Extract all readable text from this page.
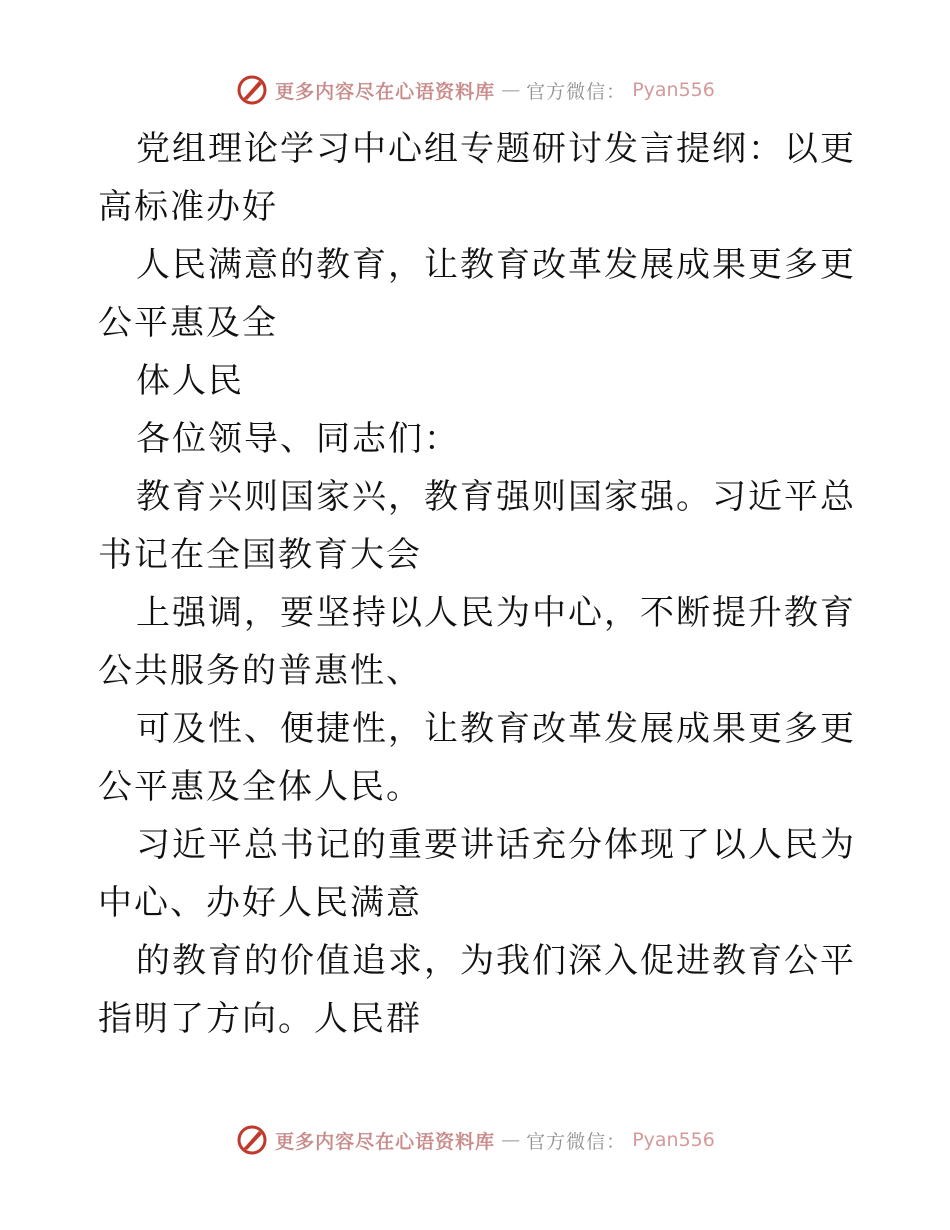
更多内容尽在心语资料库 — 官方微信： Pyan556

党组理论学习中心组专题研讨发言提纲：以更高标准办好

人民满意的教育，让教育改革发展成果更多更公平惠及全

体人民

各位领导、同志们：

教育兴则国家兴，教育强则国家强。习近平总书记在全国教育大会

上强调，要坚持以人民为中心，不断提升教育公共服务的普惠性、

可及性、便捷性，让教育改革发展成果更多更公平惠及全体人民。

习近平总书记的重要讲话充分体现了以人民为中心、办好人民满意

的教育的价值追求，为我们深入促进教育公平指明了方向。人民群

更多内容尽在心语资料库 — 官方微信： Pyan556
